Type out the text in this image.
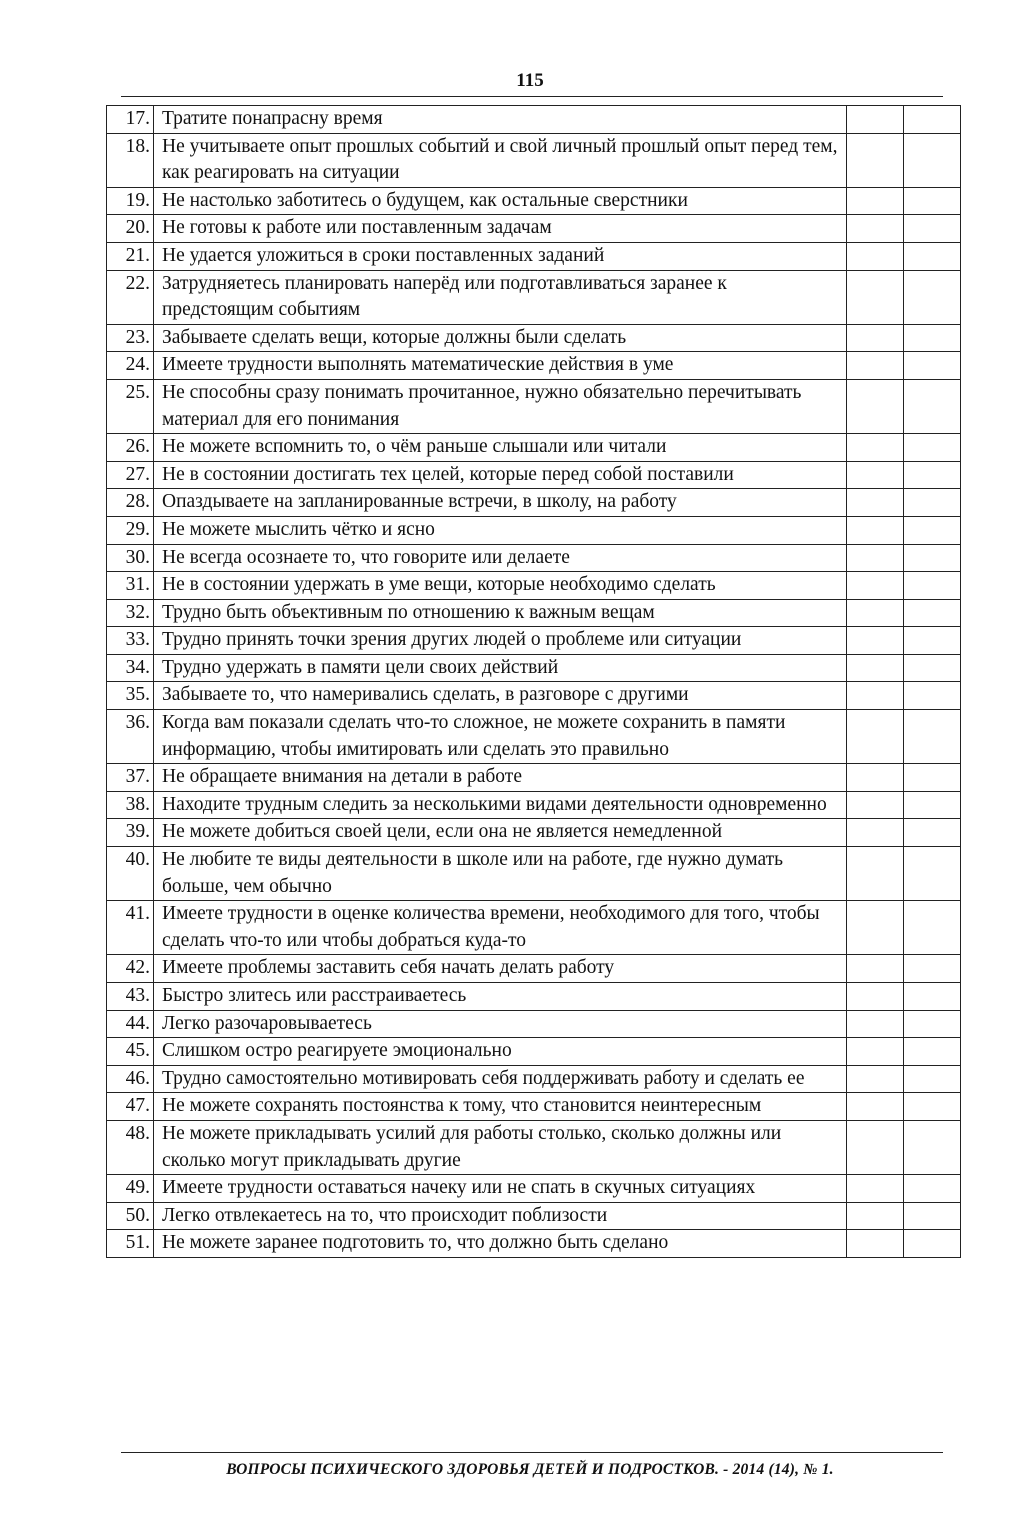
115
17.	Тратите понапрасну время		
18.	Не учитываете опыт прошлых событий и свой личный прошлый опыт перед тем, как реагировать на ситуации		
19.	Не настолько заботитесь о будущем, как остальные сверстники		
20.	Не готовы к работе или поставленным задачам		
21.	Не удается уложиться в сроки поставленных заданий		
22.	Затрудняетесь планировать наперёд или подготавливаться заранее к предстоящим событиям		
23.	Забываете сделать вещи, которые должны были сделать		
24.	Имеете трудности выполнять математические действия в уме		
25.	Не способны сразу понимать прочитанное, нужно обязательно перечитывать материал для его понимания		
26.	Не можете вспомнить то, о чём раньше слышали или читали		
27.	Не в состоянии достигать тех целей, которые перед собой поставили		
28.	Опаздываете на запланированные встречи, в школу, на работу		
29.	Не можете мыслить чётко и ясно		
30.	Не всегда осознаете то, что говорите или делаете		
31.	Не в состоянии удержать в уме вещи, которые необходимо сделать		
32.	Трудно быть объективным по отношению к важным вещам		
33.	Трудно принять точки зрения других людей о проблеме или ситуации		
34.	Трудно удержать в памяти цели своих действий		
35.	Забываете то, что намеривались сделать, в разговоре с другими		
36.	Когда вам показали сделать что-то сложное, не можете сохранить в памяти информацию, чтобы имитировать или сделать это правильно		
37.	Не обращаете внимания на детали в работе		
38.	Находите трудным следить за несколькими видами деятельности одновременно		
39.	Не можете добиться своей цели, если она не является немедленной		
40.	Не любите те виды деятельности в школе или на работе, где нужно думать больше, чем обычно		
41.	Имеете трудности в оценке количества времени, необходимого для того, чтобы сделать что-то или чтобы добраться куда-то		
42.	Имеете проблемы заставить себя начать делать работу		
43.	Быстро злитесь или расстраиваетесь		
44.	Легко разочаровываетесь		
45.	Слишком остро реагируете эмоционально		
46.	Трудно самостоятельно мотивировать себя поддерживать работу и сделать ее		
47.	Не можете сохранять постоянства к тому, что становится неинтересным		
48.	Не можете прикладывать усилий для работы столько, сколько должны или сколько могут прикладывать другие		
49.	Имеете трудности оставаться начеку или не спать в скучных ситуациях		
50.	Легко отвлекаетесь на то, что происходит поблизости		
51.	Не можете заранее подготовить то, что должно быть сделано		
ВОПРОСЫ ПСИХИЧЕСКОГО ЗДОРОВЬЯ ДЕТЕЙ И ПОДРОСТКОВ. - 2014 (14), № 1.
